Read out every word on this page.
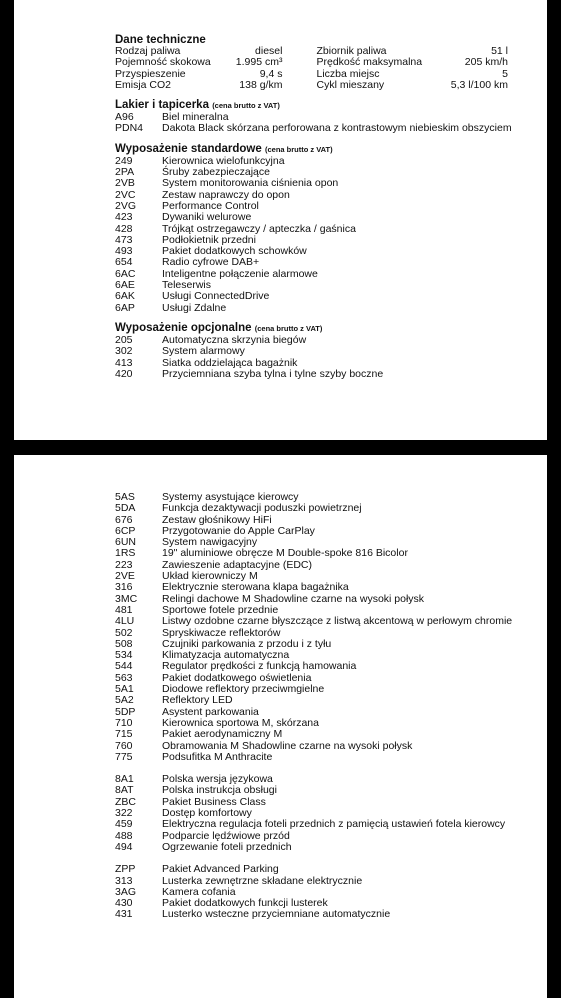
Dane techniczne
Rodzaj paliwa	diesel		Zbiornik paliwa	51 l
Pojemność skokowa	1.995 cm³		Prędkość maksymalna	205 km/h
Przyspieszenie	9,4 s		Liczba miejsc	5
Emisja CO2	138 g/km		Cykl mieszany	5,3 l/100 km
Lakier i tapicerka (cena brutto z VAT)
A96	Biel mineralna
PDN4	Dakota Black skórzana perforowana z kontrastowym niebieskim obszyciem
Wyposażenie standardowe (cena brutto z VAT)
249	Kierownica wielofunkcyjna
2PA	Śruby zabezpieczające
2VB	System monitorowania ciśnienia opon
2VC	Zestaw naprawczy do opon
2VG	Performance Control
423	Dywaniki welurowe
428	Trójkąt ostrzegawczy / apteczka / gaśnica
473	Podłokietnik przedni
493	Pakiet dodatkowych schowków
654	Radio cyfrowe DAB+
6AC	Inteligentne połączenie alarmowe
6AE	Teleserwis
6AK	Usługi ConnectedDrive
6AP	Usługi Zdalne
Wyposażenie opcjonalne (cena brutto z VAT)
205	Automatyczna skrzynia biegów
302	System alarmowy
413	Siatka oddzielająca bagażnik
420	Przyciemniana szyba tylna i tylne szyby boczne
5AS	Systemy asystujące kierowcy
5DA	Funkcja dezaktywacji poduszki powietrznej
676	Zestaw głośnikowy HiFi
6CP	Przygotowanie do Apple CarPlay
6UN	System nawigacyjny
1RS	19" aluminiowe obręcze M Double-spoke 816 Bicolor
223	Zawieszenie adaptacyjne (EDC)
2VE	Układ kierowniczy M
316	Elektrycznie sterowana klapa bagażnika
3MC	Relingi dachowe M Shadowline czarne na wysoki połysk
481	Sportowe fotele przednie
4LU	Listwy ozdobne czarne błyszczące z listwą akcentową w perłowym chromie
502	Spryskiwacze reflektorów
508	Czujniki parkowania z przodu i z tyłu
534	Klimatyzacja automatyczna
544	Regulator prędkości z funkcją hamowania
563	Pakiet dodatkowego oświetlenia
5A1	Diodowe reflektory przeciwmgielne
5A2	Reflektory LED
5DP	Asystent parkowania
710	Kierownica sportowa M, skórzana
715	Pakiet aerodynamiczny M
760	Obramowania M Shadowline czarne na wysoki połysk
775	Podsufitka M Anthracite
8A1	Polska wersja językowa
8AT	Polska instrukcja obsługi
ZBC	Pakiet Business Class
322	Dostęp komfortowy
459	Elektryczna regulacja foteli przednich z pamięcią ustawień fotela kierowcy
488	Podparcie lędźwiowe przód
494	Ogrzewanie foteli przednich
ZPP	Pakiet Advanced Parking
313	Lusterka zewnętrzne składane elektrycznie
3AG	Kamera cofania
430	Pakiet dodatkowych funkcji lusterek
431	Lusterko wsteczne przyciemniane automatycznie
OTOMOTO
